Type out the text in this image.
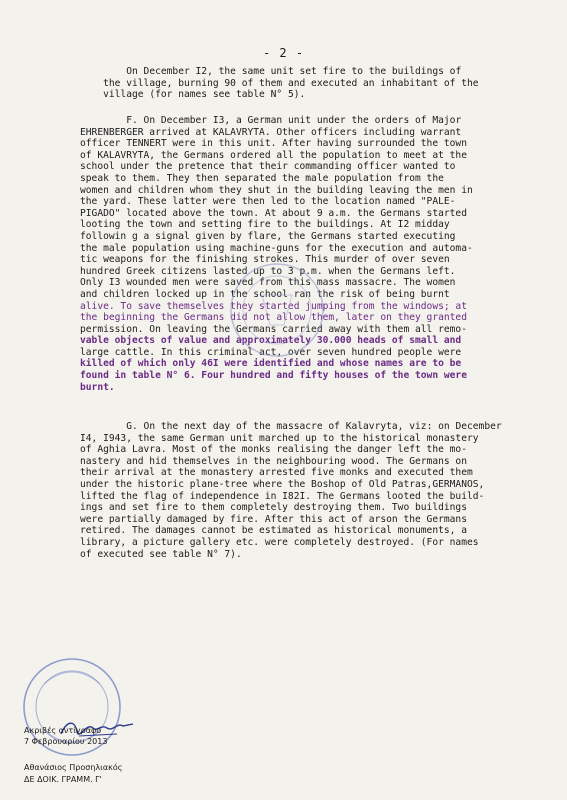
- 2 -

On December I2, the same unit set fire to the buildings of
the village, burning 90 of them and executed an inhabitant of the
village (for names see table N° 5).

F. On December I3, a German unit under the orders of Major
EHRENBERGER arrived at KALAVRYTA. Other officers including warrant
officer TENNERT were in this unit. After having surrounded the town
of KALAVRYTA, the Germans ordered all the population to meet at the
school under the pretence that their commanding officer wanted to
speak to them. They then separated the male population from the
women and children whom they shut in the building leaving the men in
the yard. These latter were then led to the location named "PALE-
PIGADO" located above the town. At about 9 a.m. the Germans started
looting the town and setting fire to the buildings. At I2 midday
followin g a signal given by flare, the Germans started executing
the male population using machine-guns for the execution and automa-
tic weapons for the finishing strokes. This murder of over seven
hundred Greek citizens lasted up to 3 p.m. when the Germans left.
Only I3 wounded men were saved from this mass massacre. The women
and children locked up in the school ran the risk of being burnt
alive. To save themselves they started jumping from the windows; at
the beginning the Germans did not allow them, later on they granted
permission. On leaving the Germans carried away with them all remo-
vable objects of value and approximately 30.000 heads of small and
large cattle. In this criminal act, over seven hundred people were
killed of which only 46I were identified and whose names are to be
found in table N° 6. Four hundred and fifty houses of the town were
burnt.

G. On the next day of the massacre of Kalavryta, viz: on December
I4, I943, the same German unit marched up to the historical monastery
of Aghia Lavra. Most of the monks realising the danger left the mo-
nastery and hid themselves in the neighbouring wood. The Germans on
their arrival at the monastery arrested five monks and executed them
under the historic plane-tree where the Boshop of Old Patras,GERMANOS,
lifted the flag of independence in I82I. The Germans looted the build-
ings and set fire to them completely destroying them. Two buildings
were partially damaged by fire. After this act of arson the Germans
retired. The damages cannot be estimated as historical monuments, a
library, a picture gallery etc. were completely destroyed. (For names
of executed see table N° 7).

Ακριβές αντίγραφο
7 Φεβρουαρίου 2013
Αθανάσιος Προσηλιακός
ΔΕ ΔΟΙΚ. ΓΡΑΜΜ. Γ'
